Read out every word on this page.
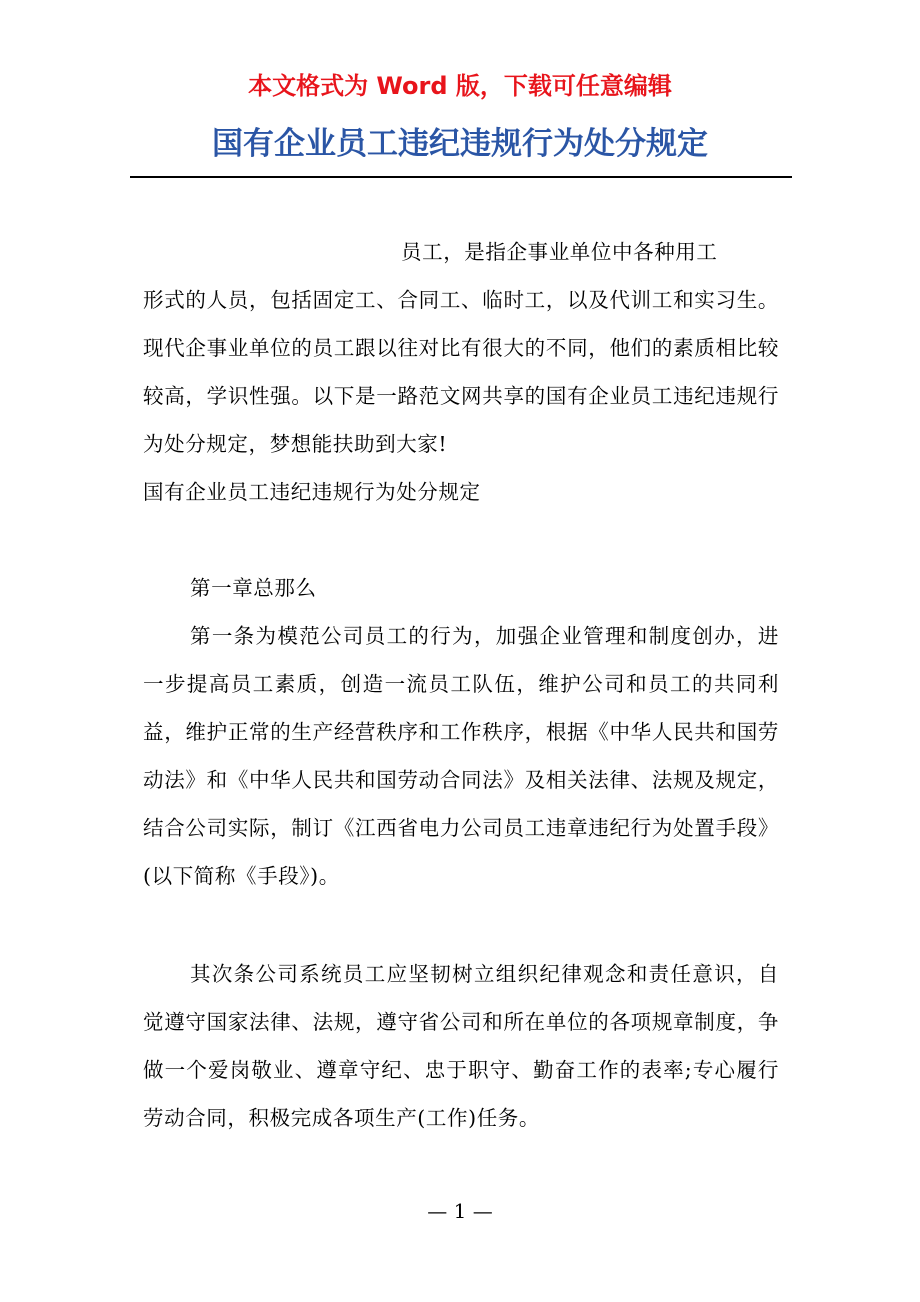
本文格式为 Word 版，下载可任意编辑

国有企业员工违纪违规行为处分规定
员工，是指企事业单位中各种用工
形式的人员，包括固定工、合同工、临时工，以及代训工和实习生。现代企事业单位的员工跟以往对比有很大的不同，他们的素质相比较较高，学识性强。以下是一路范文网共享的国有企业员工违纪违规行为处分规定，梦想能扶助到大家!
国有企业员工违纪违规行为处分规定

第一章总那么

第一条为模范公司员工的行为，加强企业管理和制度创办，进一步提高员工素质，创造一流员工队伍，维护公司和员工的共同利益，维护正常的生产经营秩序和工作秩序，根据《中华人民共和国劳动法》和《中华人民共和国劳动合同法》及相关法律、法规及规定，结合公司实际，制订《江西省电力公司员工违章违纪行为处置手段》(以下简称《手段》)。

其次条公司系统员工应坚韧树立组织纪律观念和责任意识，自觉遵守国家法律、法规，遵守省公司和所在单位的各项规章制度，争做一个爱岗敬业、遵章守纪、忠于职守、勤奋工作的表率;专心履行劳动合同，积极完成各项生产(工作)任务。

— 1 —
